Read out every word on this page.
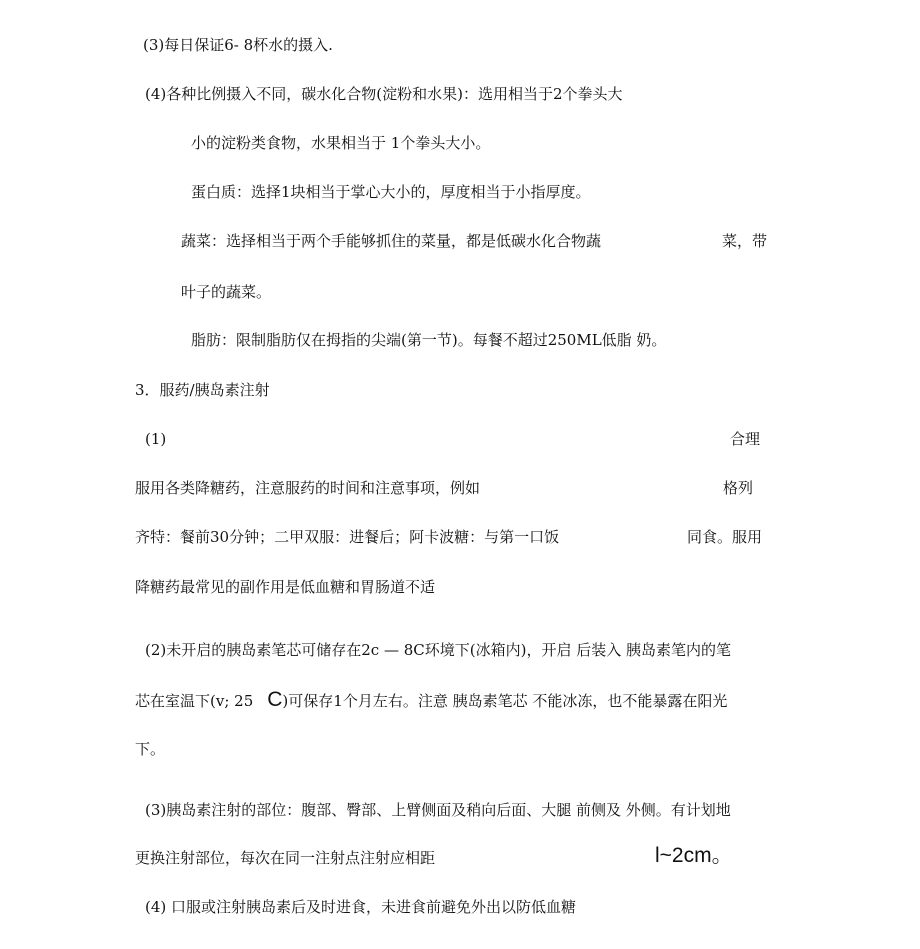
(3)每日保证6- 8杯水的摄入.
(4)各种比例摄入不同，碳水化合物(淀粉和水果)：选用相当于2个拳头大
小的淀粉类食物，水果相当于 1个拳头大小。
蛋白质：选择1块相当于掌心大小的，厚度相当于小指厚度。
蔬菜：选择相当于两个手能够抓住的菜量，都是低碳水化合物蔬	菜，带
叶子的蔬菜。
脂肪：限制脂肪仅在拇指的尖端(第一节)。每餐不超过250ML低脂 奶。
3．服药/胰岛素注射
(1)	合理
服用各类降糖药，注意服药的时间和注意事项，例如	格列
齐特：餐前30分钟；二甲双服：进餐后；阿卡波糖：与第一口饭	同食。服用
降糖药最常见的副作用是低血糖和胃肠道不适
(2)未开启的胰岛素笔芯可储存在2c — 8C环境下(冰箱内)，开启 后装入 胰岛素笔内的笔
芯在室温下(v; 25 C)可保存1个月左右。注意 胰岛素笔芯 不能冰冻，也不能暴露在阳光
下。
(3)胰岛素注射的部位：腹部、臀部、上臂侧面及稍向后面、大腿 前侧及 外侧。有计划地
更换注射部位，每次在同一注射点注射应相距	l~2cm。
(4) 口服或注射胰岛素后及时进食，未进食前避免外出以防低血糖
